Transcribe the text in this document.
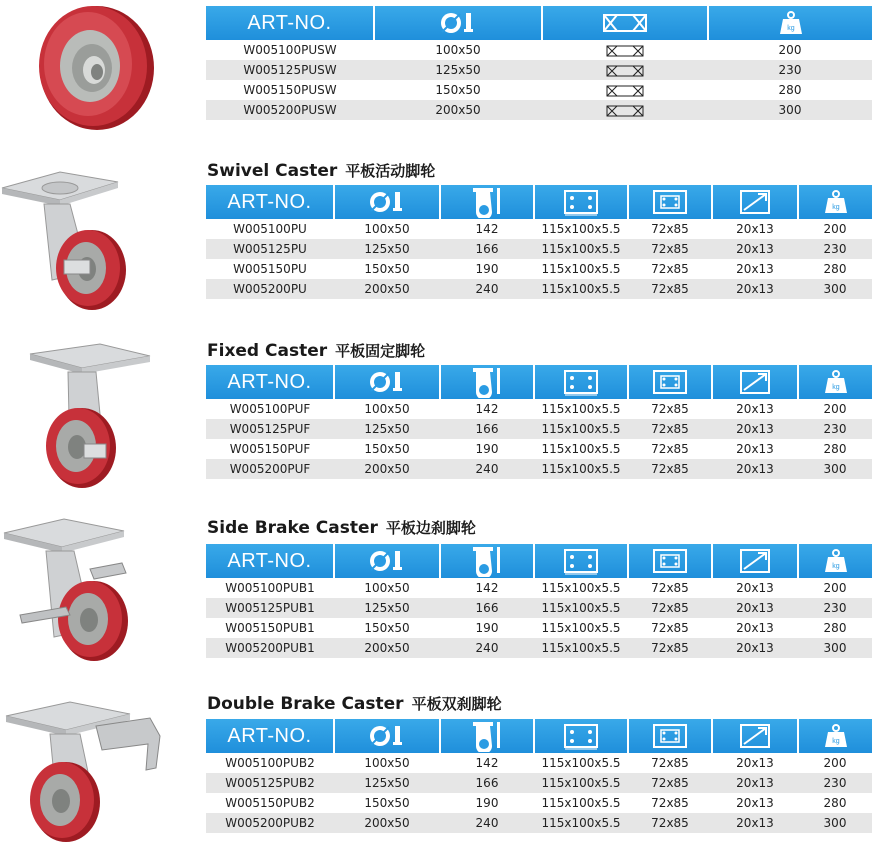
ART-NO.			kg

W005100PUSW	100x50		200
W005125PUSW	125x50		230
W005150PUSW	150x50		280
W005200PUSW	200x50		300
Swivel Caster 平板活动脚轮
ART-NO.						kg

W005100PU	100x50	142	115x100x5.5	72x85	20x13	200
W005125PU	125x50	166	115x100x5.5	72x85	20x13	230
W005150PU	150x50	190	115x100x5.5	72x85	20x13	280
W005200PU	200x50	240	115x100x5.5	72x85	20x13	300
Fixed Caster 平板固定脚轮
ART-NO.						kg

W005100PUF	100x50	142	115x100x5.5	72x85	20x13	200
W005125PUF	125x50	166	115x100x5.5	72x85	20x13	230
W005150PUF	150x50	190	115x100x5.5	72x85	20x13	280
W005200PUF	200x50	240	115x100x5.5	72x85	20x13	300
Side Brake Caster 平板边刹脚轮
ART-NO.						kg

W005100PUB1	100x50	142	115x100x5.5	72x85	20x13	200
W005125PUB1	125x50	166	115x100x5.5	72x85	20x13	230
W005150PUB1	150x50	190	115x100x5.5	72x85	20x13	280
W005200PUB1	200x50	240	115x100x5.5	72x85	20x13	300
Double Brake Caster 平板双刹脚轮
ART-NO.						kg

W005100PUB2	100x50	142	115x100x5.5	72x85	20x13	200
W005125PUB2	125x50	166	115x100x5.5	72x85	20x13	230
W005150PUB2	150x50	190	115x100x5.5	72x85	20x13	280
W005200PUB2	200x50	240	115x100x5.5	72x85	20x13	300
